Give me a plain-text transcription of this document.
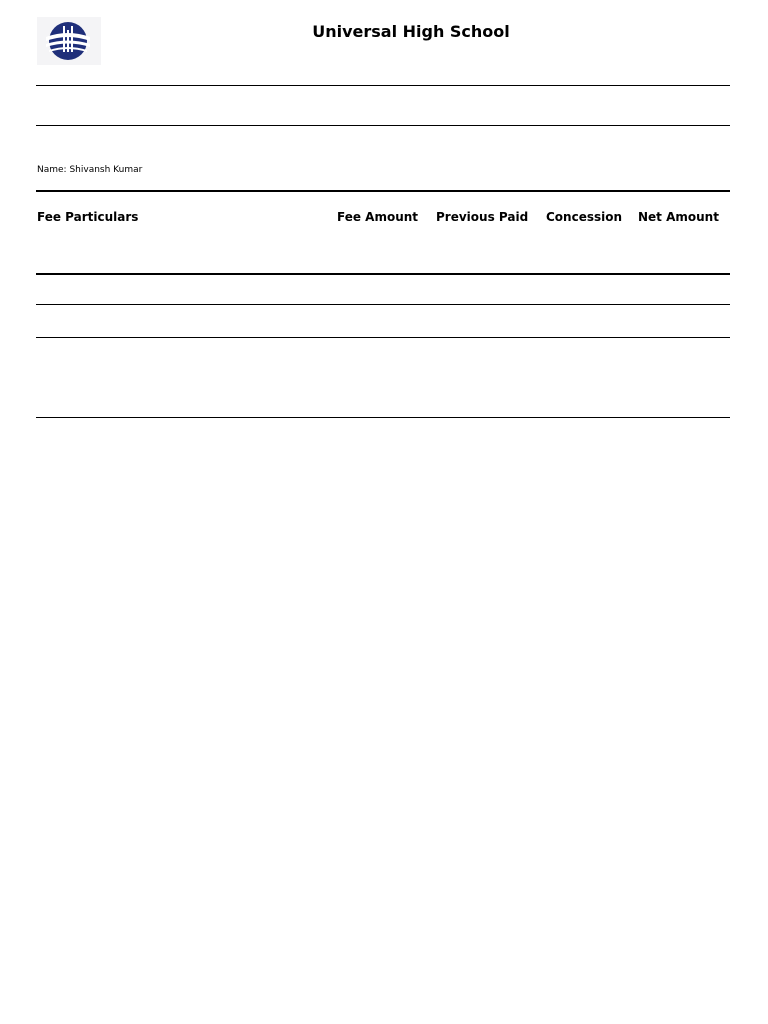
Universal High School
Name: Shivansh Kumar
Fee Particulars	Fee Amount Previous Paid Concession Net Amount
